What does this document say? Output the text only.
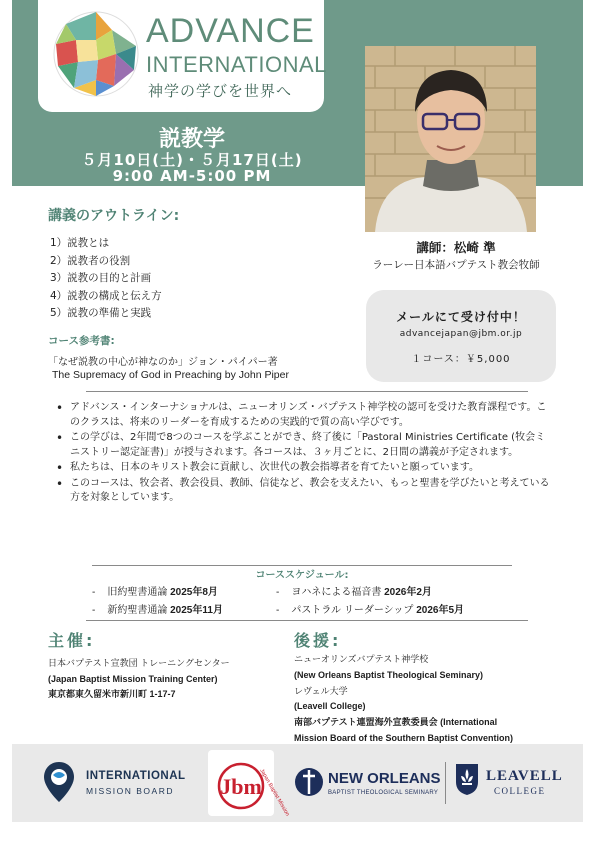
ADVANCE
INTERNATIONAL
神学の学びを世界へ
説教学
５月10日(土)・５月17日(土)
9:00 AM-5:00 PM
講義のアウトライン:
1）説教とは
2）説教者の役割
3）説教の目的と計画
4）説教の構成と伝え方
5）説教の準備と実践
講師：松崎 準
ラーレー日本語バプテスト教会牧師
メールにて受け付中！
advancejapan@jbm.or.jp
１コース：￥5,000
コース参考書:
「なぜ説教の中心が神なのか」ジョン・パイパー著
The Supremacy of God in Preaching by John Piper
• アドバンス・インターナショナルは、ニューオリンズ・バプテスト神学校の認可を受けた教育課程です。このクラスは、将来のリーダーを育成するための実践的で質の高い学びです。
• この学びは、2年間で8つのコースを学ぶことができ、終了後に「Pastoral Ministries Certificate (牧会ミニストリー認定証書)」が授与されます。各コースは、３ヶ月ごとに、2日間の講義が予定されます。
• 私たちは、日本のキリスト教会に貢献し、次世代の教会指導者を育てたいと願っています。
• このコースは、牧会者、教会役員、教師、信徒など、教会を支えたい、もっと聖書を学びたいと考えている方を対象としています。
コーススケジュール:
- 旧約聖書通論 2025年8月	- ヨハネによる福音書 2026年2月
- 新約聖書通論 2025年11月	- パストラル リーダーシップ 2026年5月
主催:
日本バプテスト宣教団 トレーニングセンター
(Japan Baptist Mission Training Center)
東京都東久留米市新川町 1-17-7
後援:
ニューオリンズバプテスト神学校
(New Orleans Baptist Theological Seminary)
レヴェル大学
(Leavell College)
南部バプテスト連盟海外宣教委員会 (International
Mission Board of the Southern Baptist Convention)
INTERNATIONAL
MISSION BOARD Jbm
Japan Baptist Mission	NEW ORLEANS
BAPTIST THEOLOGICAL SEMINARY
LEAVELL
COLLEGE
